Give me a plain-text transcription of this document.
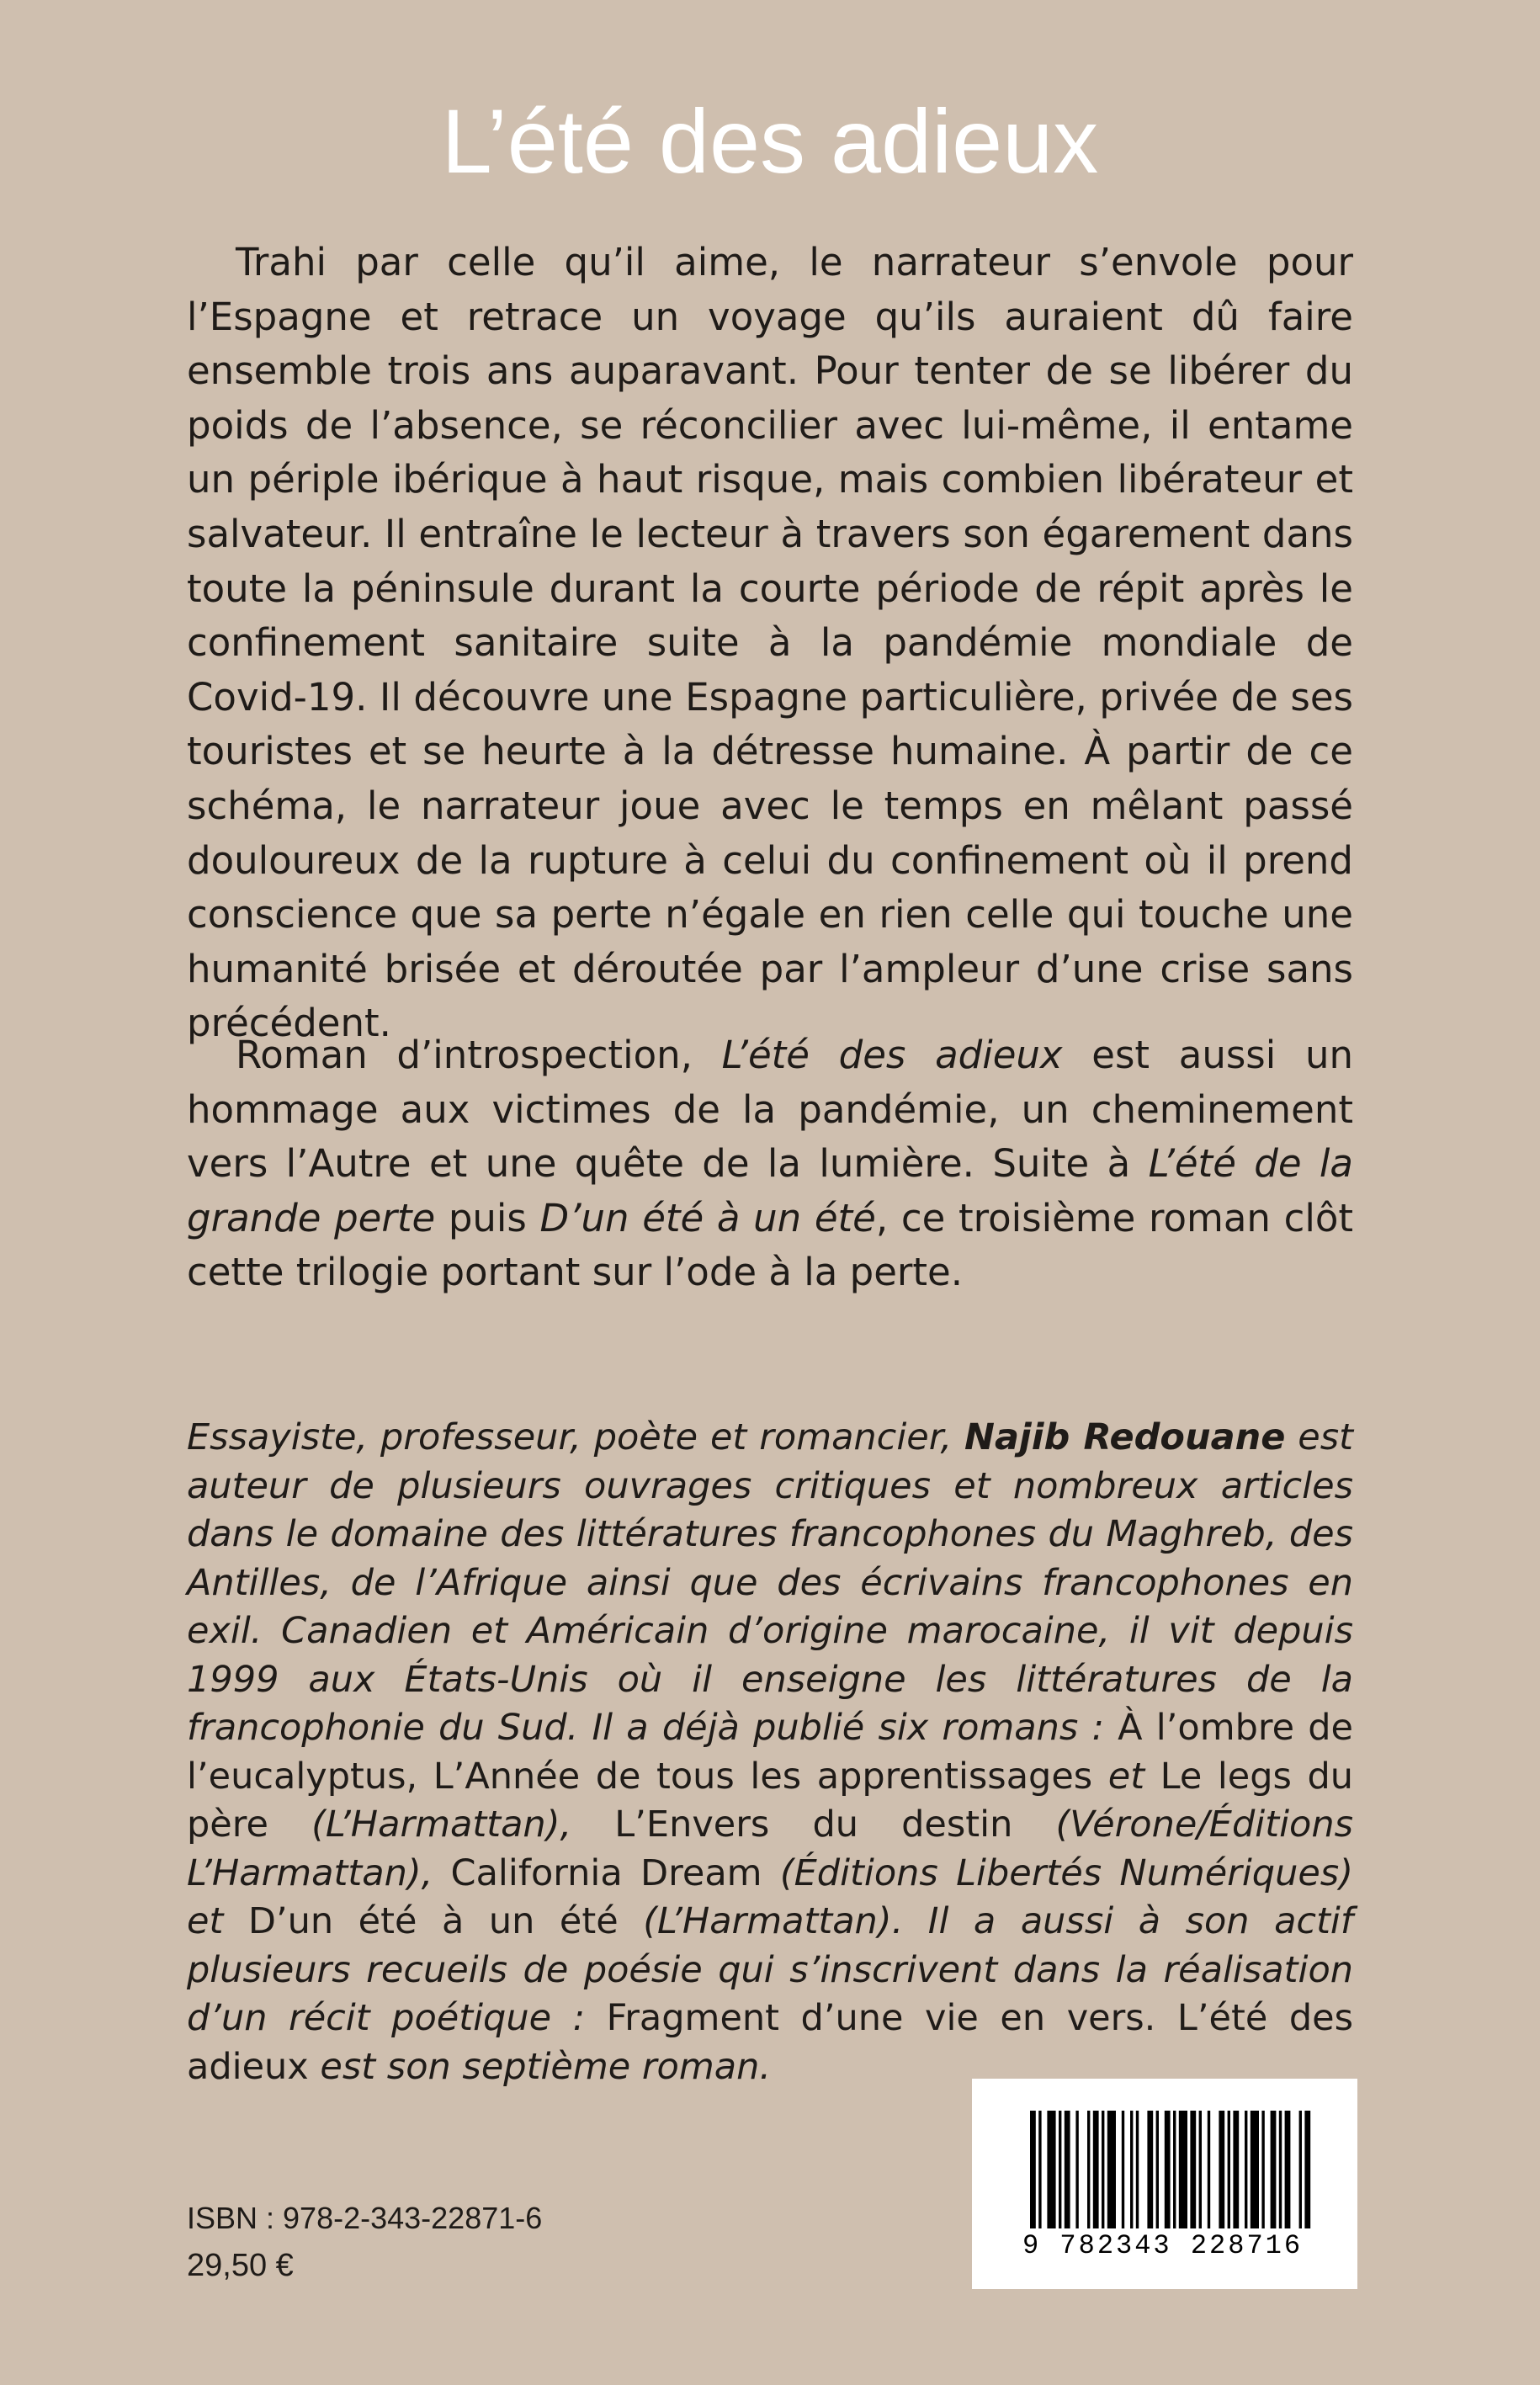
L’été des adieux

Trahi par celle qu’il aime, le narrateur s’envole pour l’Espagne et retrace un voyage qu’ils auraient dû faire ensemble trois ans auparavant. Pour tenter de se libérer du poids de l’absence, se réconcilier avec lui-même, il entame un périple ibérique à haut risque, mais combien libérateur et salvateur. Il entraîne le lecteur à travers son égarement dans toute la péninsule durant la courte période de répit après le confinement sanitaire suite à la pandémie mondiale de Covid-19. Il découvre une Espagne particulière, privée de ses touristes et se heurte à la détresse humaine. À partir de ce schéma, le narrateur joue avec le temps en mêlant passé douloureux de la rupture à celui du confinement où il prend conscience que sa perte n’égale en rien celle qui touche une humanité brisée et déroutée par l’ampleur d’une crise sans précédent.

Roman d’introspection, L’été des adieux est aussi un hommage aux victimes de la pandémie, un cheminement vers l’Autre et une quête de la lumière. Suite à L’été de la grande perte puis D’un été à un été, ce troisième roman clôt cette trilogie portant sur l’ode à la perte.

Essayiste, professeur, poète et romancier, Najib Redouane est auteur de plusieurs ouvrages critiques et nombreux articles dans le domaine des littératures francophones du Maghreb, des Antilles, de l’Afrique ainsi que des écrivains francophones en exil. Canadien et Américain d’origine marocaine, il vit depuis 1999 aux États-Unis où il enseigne les littératures de la francophonie du Sud. Il a déjà publié six romans : À l’ombre de l’eucalyptus, L’Année de tous les apprentissages et Le legs du père (L’Harmattan), L’Envers du destin (Vérone/Éditions L’Harmattan), California Dream (Éditions Libertés Numériques) et D’un été à un été (L’Harmattan). Il a aussi à son actif plusieurs recueils de poésie qui s’inscrivent dans la réalisation d’un récit poétique : Fragment d’une vie en vers. L’été des adieux est son septième roman.
ISBN : 978-2-343-22871-6
29,50 €
9 782343 228716
